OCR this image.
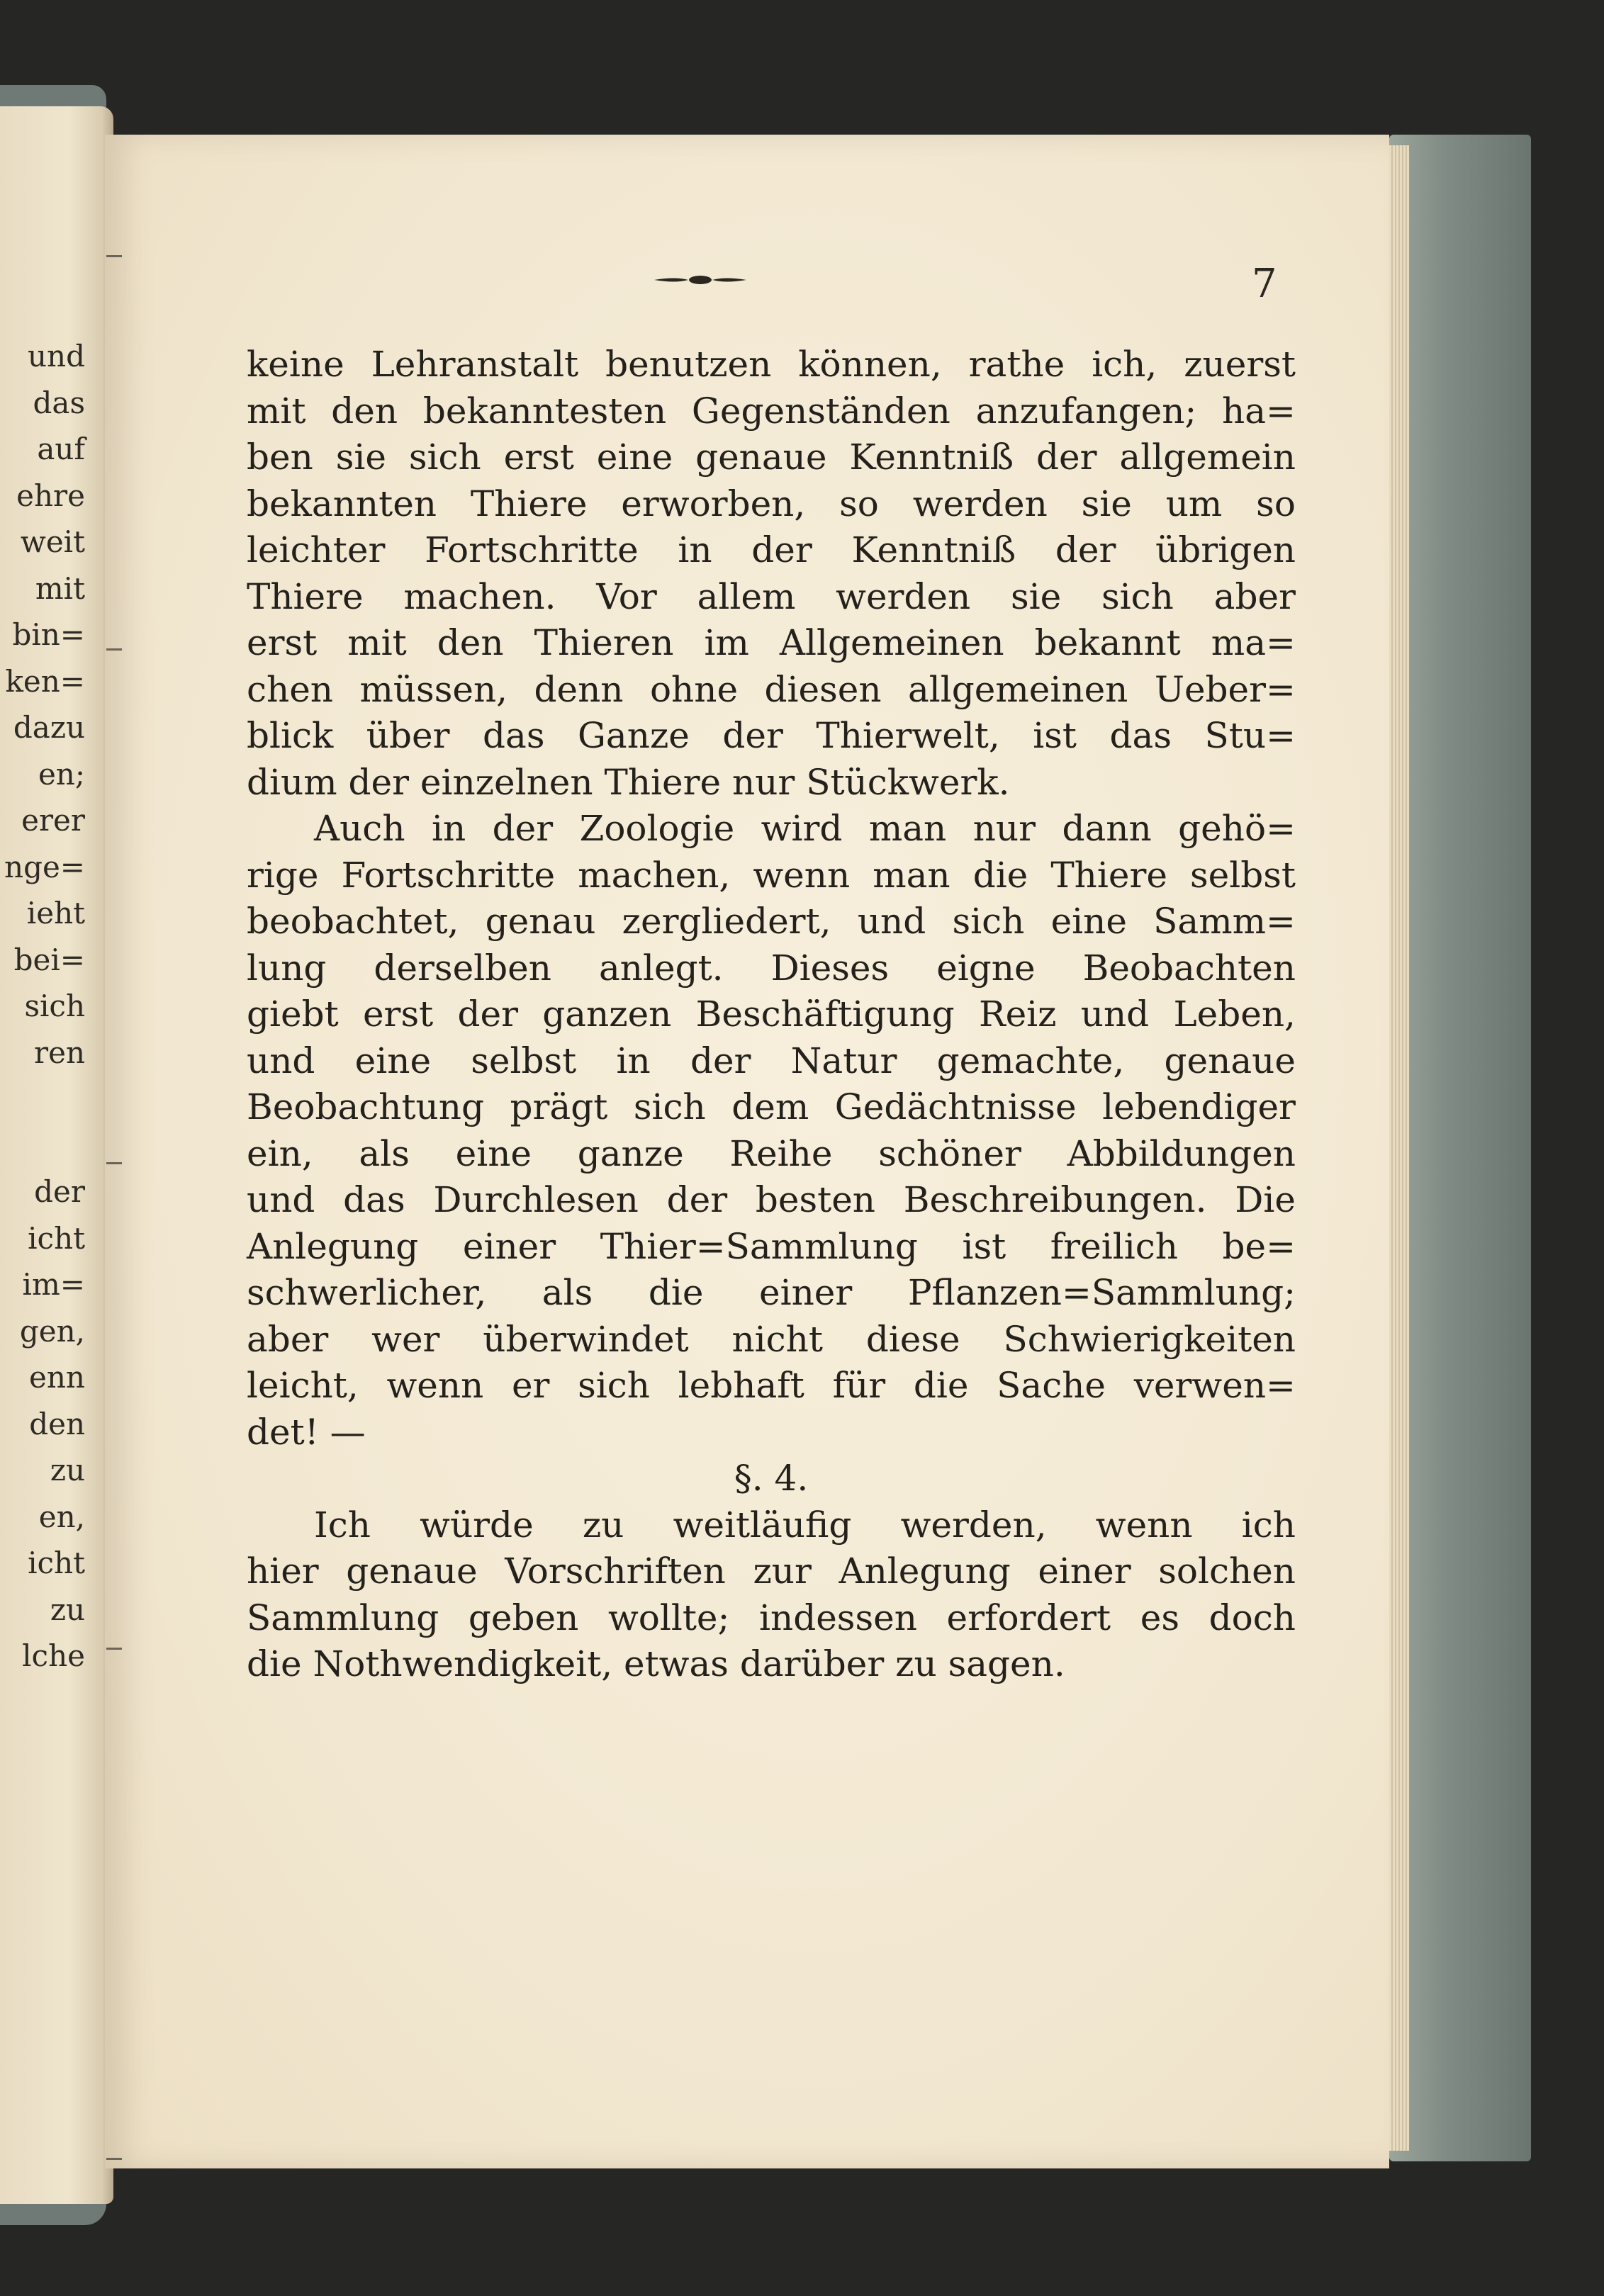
und
das
auf
ehre
weit
mit
bin=
ken=
dazu
en;
erer
nge=
ieht
bei=
sich
ren
der
icht
im=
gen,
enn
den
zu
en,
icht
zu
lche
7
keine Lehranstalt benutzen können, rathe ich, zuerst
mit den bekanntesten Gegenständen anzufangen; ha=
ben sie sich erst eine genaue Kenntniß der allgemein
bekannten Thiere erworben, so werden sie um so
leichter Fortschritte in der Kenntniß der übrigen
Thiere machen. Vor allem werden sie sich aber
erst mit den Thieren im Allgemeinen bekannt ma=
chen müssen, denn ohne diesen allgemeinen Ueber=
blick über das Ganze der Thierwelt, ist das Stu=
dium der einzelnen Thiere nur Stückwerk.
Auch in der Zoologie wird man nur dann gehö=
rige Fortschritte machen, wenn man die Thiere selbst
beobachtet, genau zergliedert, und sich eine Samm=
lung derselben anlegt. Dieses eigne Beobachten
giebt erst der ganzen Beschäftigung Reiz und Leben,
und eine selbst in der Natur gemachte, genaue
Beobachtung prägt sich dem Gedächtnisse lebendiger
ein, als eine ganze Reihe schöner Abbildungen
und das Durchlesen der besten Beschreibungen. Die
Anlegung einer Thier=Sammlung ist freilich be=
schwerlicher, als die einer Pflanzen=Sammlung;
aber wer überwindet nicht diese Schwierigkeiten
leicht, wenn er sich lebhaft für die Sache verwen=
det! —
§. 4.
Ich würde zu weitläufig werden, wenn ich
hier genaue Vorschriften zur Anlegung einer solchen
Sammlung geben wollte; indessen erfordert es doch
die Nothwendigkeit, etwas darüber zu sagen.
